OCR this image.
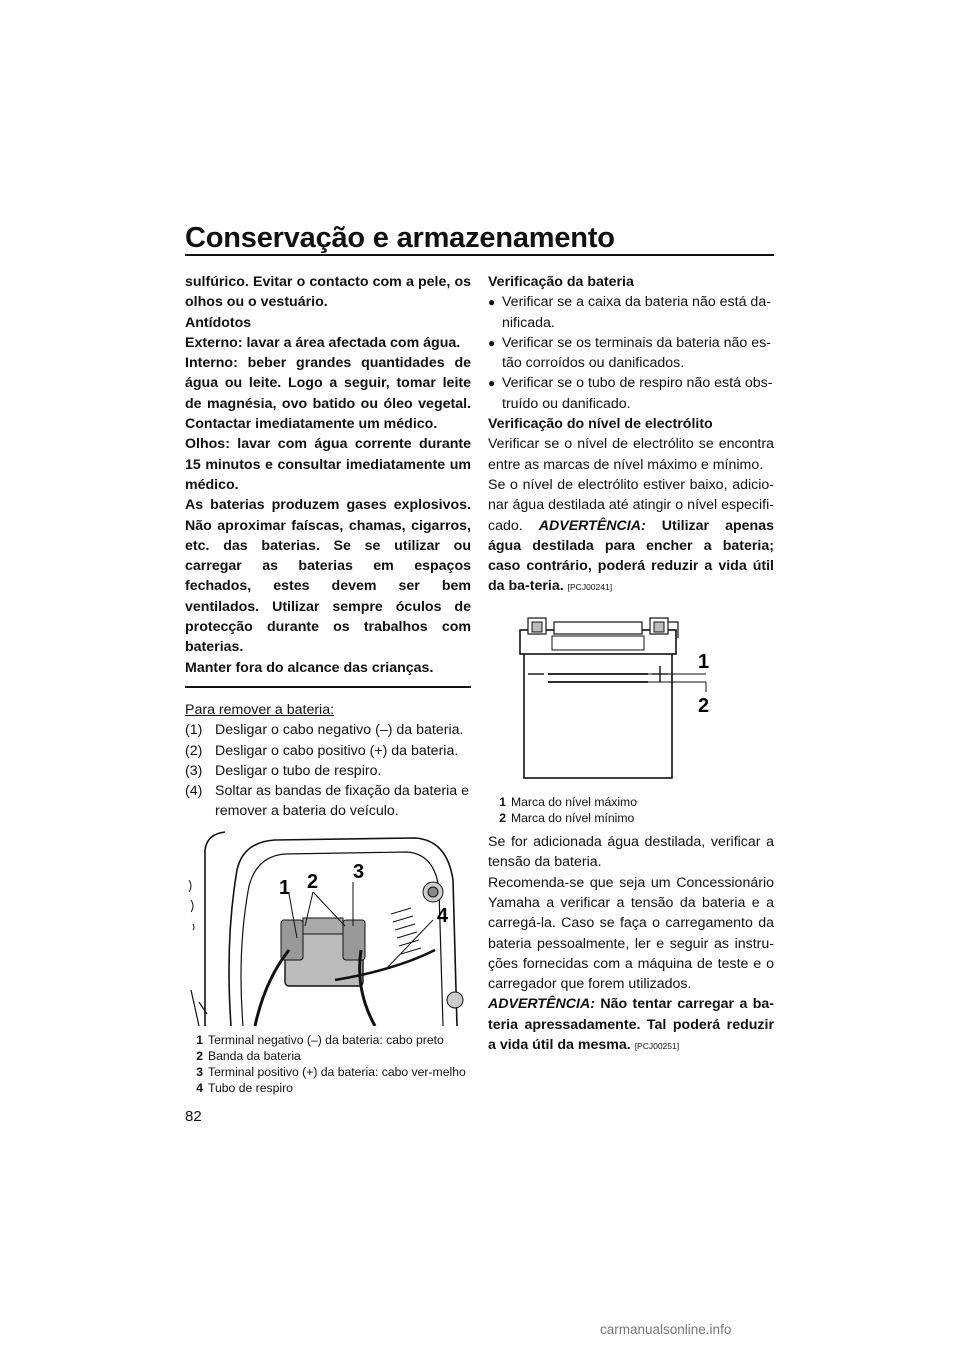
Conservação e armazenamento
82

sulfúrico. Evitar o contacto com a pele, os olhos ou o vestuário.

Antídotos

Externo: lavar a área afectada com água.

Interno: beber grandes quantidades de água ou leite. Logo a seguir, tomar leite de magnésia, ovo batido ou óleo vegetal. Contactar imediatamente um médico.

Olhos: lavar com água corrente durante 15 minutos e consultar imediatamente um médico.

As baterias produzem gases explosivos. Não aproximar faíscas, chamas, cigarros, etc. das baterias. Se se utilizar ou carregar as baterias em espaços fechados, estes devem ser bem ventilados. Utilizar sempre óculos de protecção durante os trabalhos com baterias.

Manter fora do alcance das crianças.

Para remover a bateria:

(1) Desligar o cabo negativo (–) da bateria.
(2) Desligar o cabo positivo (+) da bateria.
(3) Desligar o tubo de respiro.
(4) Soltar as bandas de fixação da bateria e remover a bateria do veículo.
1 2 3
4
1 Terminal negativo (–) da bateria: cabo preto
2 Banda da bateria
3 Terminal positivo (+) da bateria: cabo ver-melho
4 Tubo de respiro

Verificação da bateria

● Verificar se a caixa da bateria não está da-nificada.
● Verificar se os terminais da bateria não es-tão corroídos ou danificados.
● Verificar se o tubo de respiro não está obs-truído ou danificado.

Verificação do nível de electrólito

Verificar se o nível de electrólito se encontra entre as marcas de nível máximo e mínimo.

Se o nível de electrólito estiver baixo, adicio-nar água destilada até atingir o nível especifi-cado. ADVERTÊNCIA: Utilizar apenas água destilada para encher a bateria; caso contrário, poderá reduzir a vida útil da ba-teria. [PCJ00241]

1
2
1 Marca do nível máximo
2 Marca do nível mínimo

Se for adicionada água destilada, verificar a tensão da bateria.

Recomenda-se que seja um Concessionário Yamaha a verificar a tensão da bateria e a carregá-la. Caso se faça o carregamento da bateria pessoalmente, ler e seguir as instru-ções fornecidas com a máquina de teste e o carregador que forem utilizados.

ADVERTÊNCIA: Não tentar carregar a ba-teria apressadamente. Tal poderá reduzir a vida útil da mesma. [PCJ00251]

carmanualsonline.info
